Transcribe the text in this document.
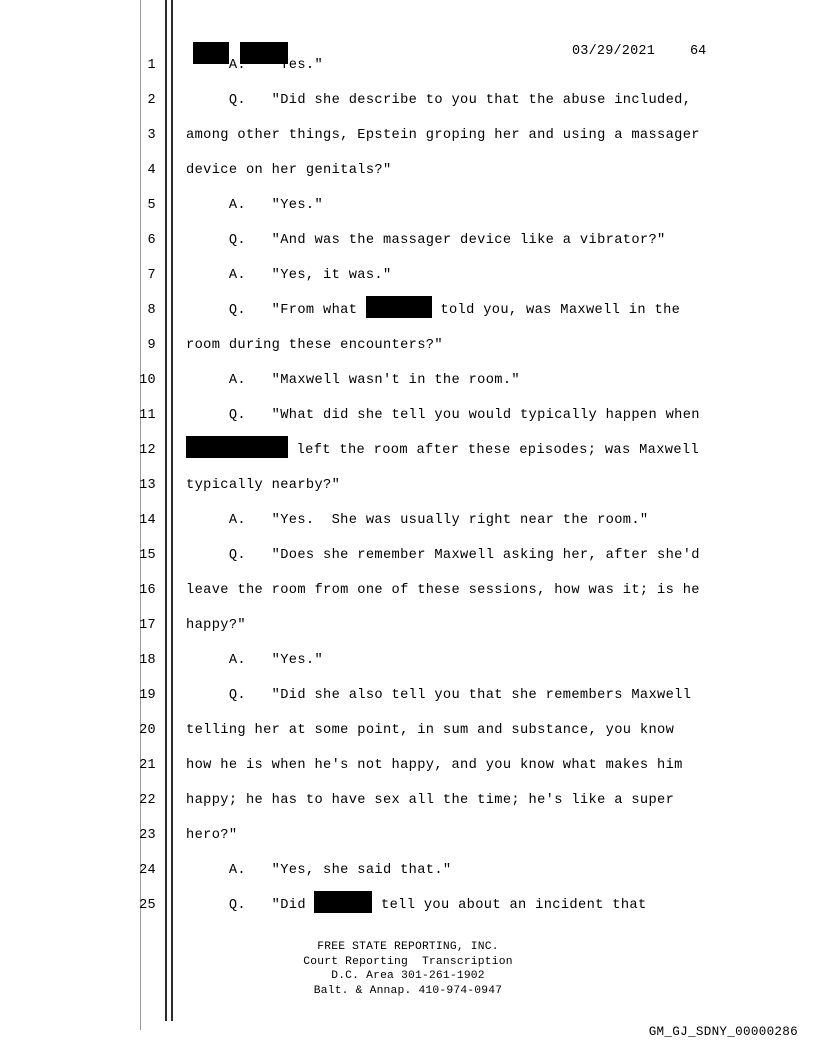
03/29/2021	64
1 A.   "Yes."
2 Q.   "Did she describe to you that the abuse included,
3 among other things, Epstein groping her and using a massager
4 device on her genitals?"
5 A.   "Yes."
6 Q.   "And was the massager device like a vibrator?"
7 A.   "Yes, it was."
8 Q.   "From what	told you, was Maxwell in the
9 room during these encounters?"
10 A.   "Maxwell wasn't in the room."
11 Q.   "What did she tell you would typically happen when
12	left the room after these episodes; was Maxwell
13 typically nearby?"
14 A.   "Yes.  She was usually right near the room."
15 Q.   "Does she remember Maxwell asking her, after she'd
16 leave the room from one of these sessions, how was it; is he
17 happy?"
18 A.   "Yes."
19 Q.   "Did she also tell you that she remembers Maxwell
20 telling her at some point, in sum and substance, you know
21 how he is when he's not happy, and you know what makes him
22 happy; he has to have sex all the time; he's like a super
23 hero?"
24 A.   "Yes, she said that."
25 Q.   "Did	tell you about an incident that
FREE STATE REPORTING, INC.
Court Reporting  Transcription
D.C. Area 301-261-1902
Balt. & Annap. 410-974-0947
GM_GJ_SDNY_00000286
